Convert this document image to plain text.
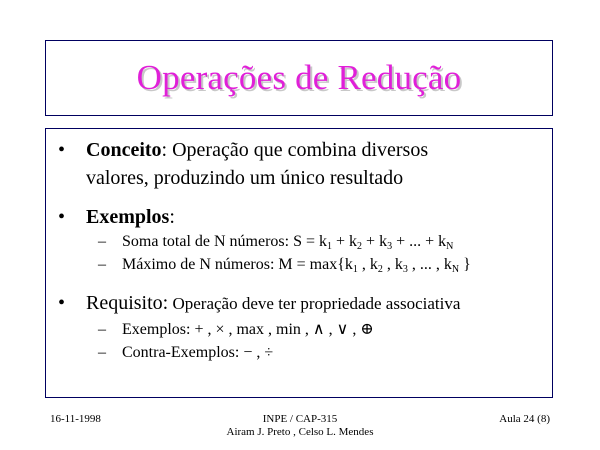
Operações de Redução
• Conceito: Operação que combina diversos
valores, produzindo um único resultado
• Exemplos:
– Soma total de N números: $S = k_1 + k_2 + k_3$ + ... + $k_N$
– Máximo de N números: $M = \max\{k_1$ , $k_2$ , $k_3$ , ... , $k_N$ }
• Requisito: Operação deve ter propriedade associativa
– Exemplos: + , × , max , min , ∧ , ∨ , ⊕
– Contra-Exemplos: − , ÷
16-11-1998	INPE / CAP-315
Airam J. Preto , Celso L. Mendes
Aula 24 (8)
